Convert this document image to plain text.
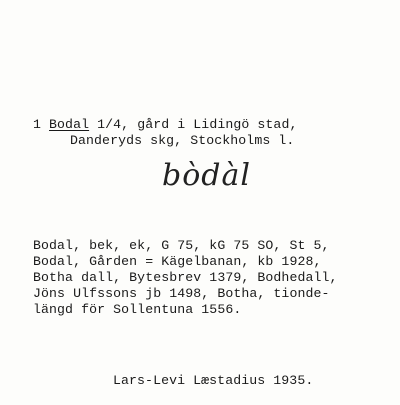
1 Bodal 1/4, gård i Lidingö stad,
Danderyds skg, Stockholms l.
bòdàl
Bodal, bek, ek, G 75, kG 75 SO, St 5,
Bodal, Gården = Kägelbanan, kb 1928,
Botha dall, Bytesbrev 1379, Bodhedall,
Jöns Ulfssons jb 1498, Botha, tionde-
längd för Sollentuna 1556.
Lars-Levi Læstadius 1935.
